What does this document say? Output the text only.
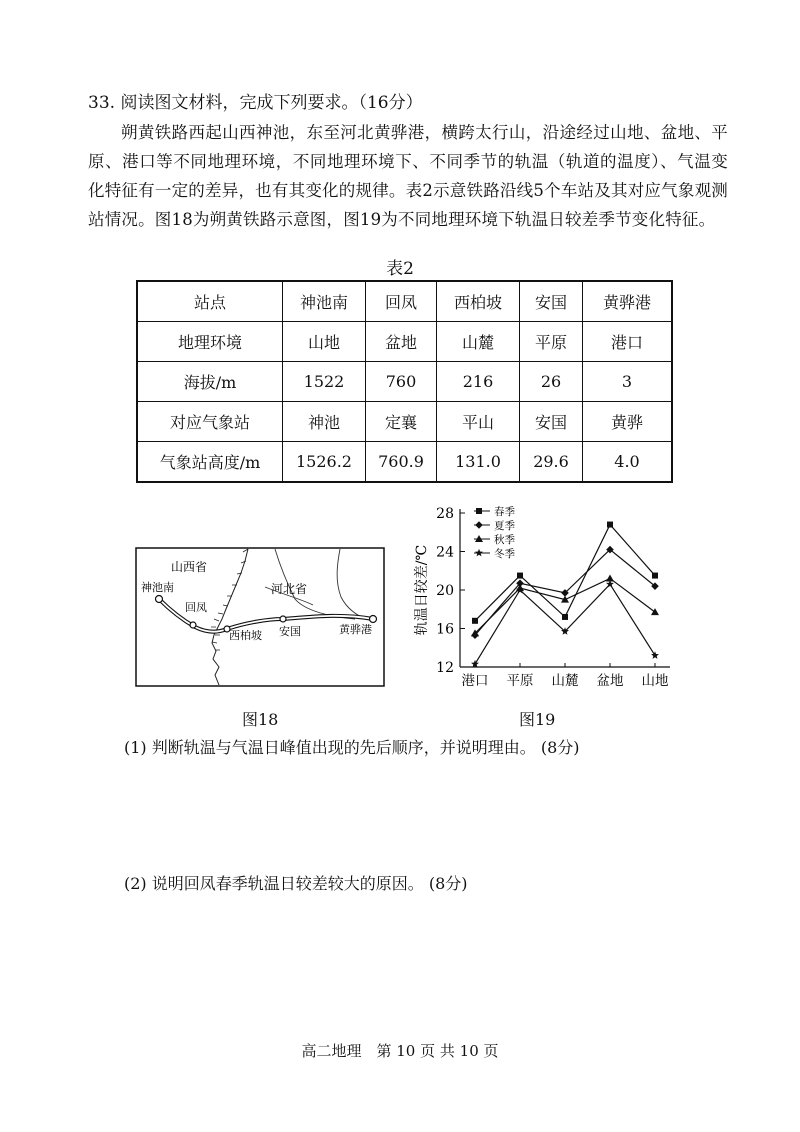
33. 阅读图文材料，完成下列要求。（16分）
朔黄铁路西起山西神池，东至河北黄骅港，横跨太行山，沿途经过山地、盆地、平原、港口等不同地理环境，不同地理环境下、不同季节的轨温（轨道的温度）、气温变化特征有一定的差异，也有其变化的规律。表2示意铁路沿线5个车站及其对应气象观测站情况。图18为朔黄铁路示意图，图19为不同地理环境下轨温日较差季节变化特征。
表2
站点	神池南	回凤	西柏坡	安国	黄骅港
地理环境	山地	盆地	山麓	平原	港口
海拔/m	1522	760	216	26	3
对应气象站	神池	定襄	平山	安国	黄骅
气象站高度/m	1526.2	760.9	131.0	29.6	4.0
山西省
河北省
神池南
回凤
西柏坡 安国	黄骅港
图18
12
16
20
24
28
港口 平原 山麓 盆地 山地
轨温日较差/℃
春季
夏季
秋季
冬季
图19
(1) 判断轨温与气温日峰值出现的先后顺序，并说明理由。 (8分)
(2) 说明回凤春季轨温日较差较大的原因。 (8分)
高二地理　第 10 页 共 10 页
